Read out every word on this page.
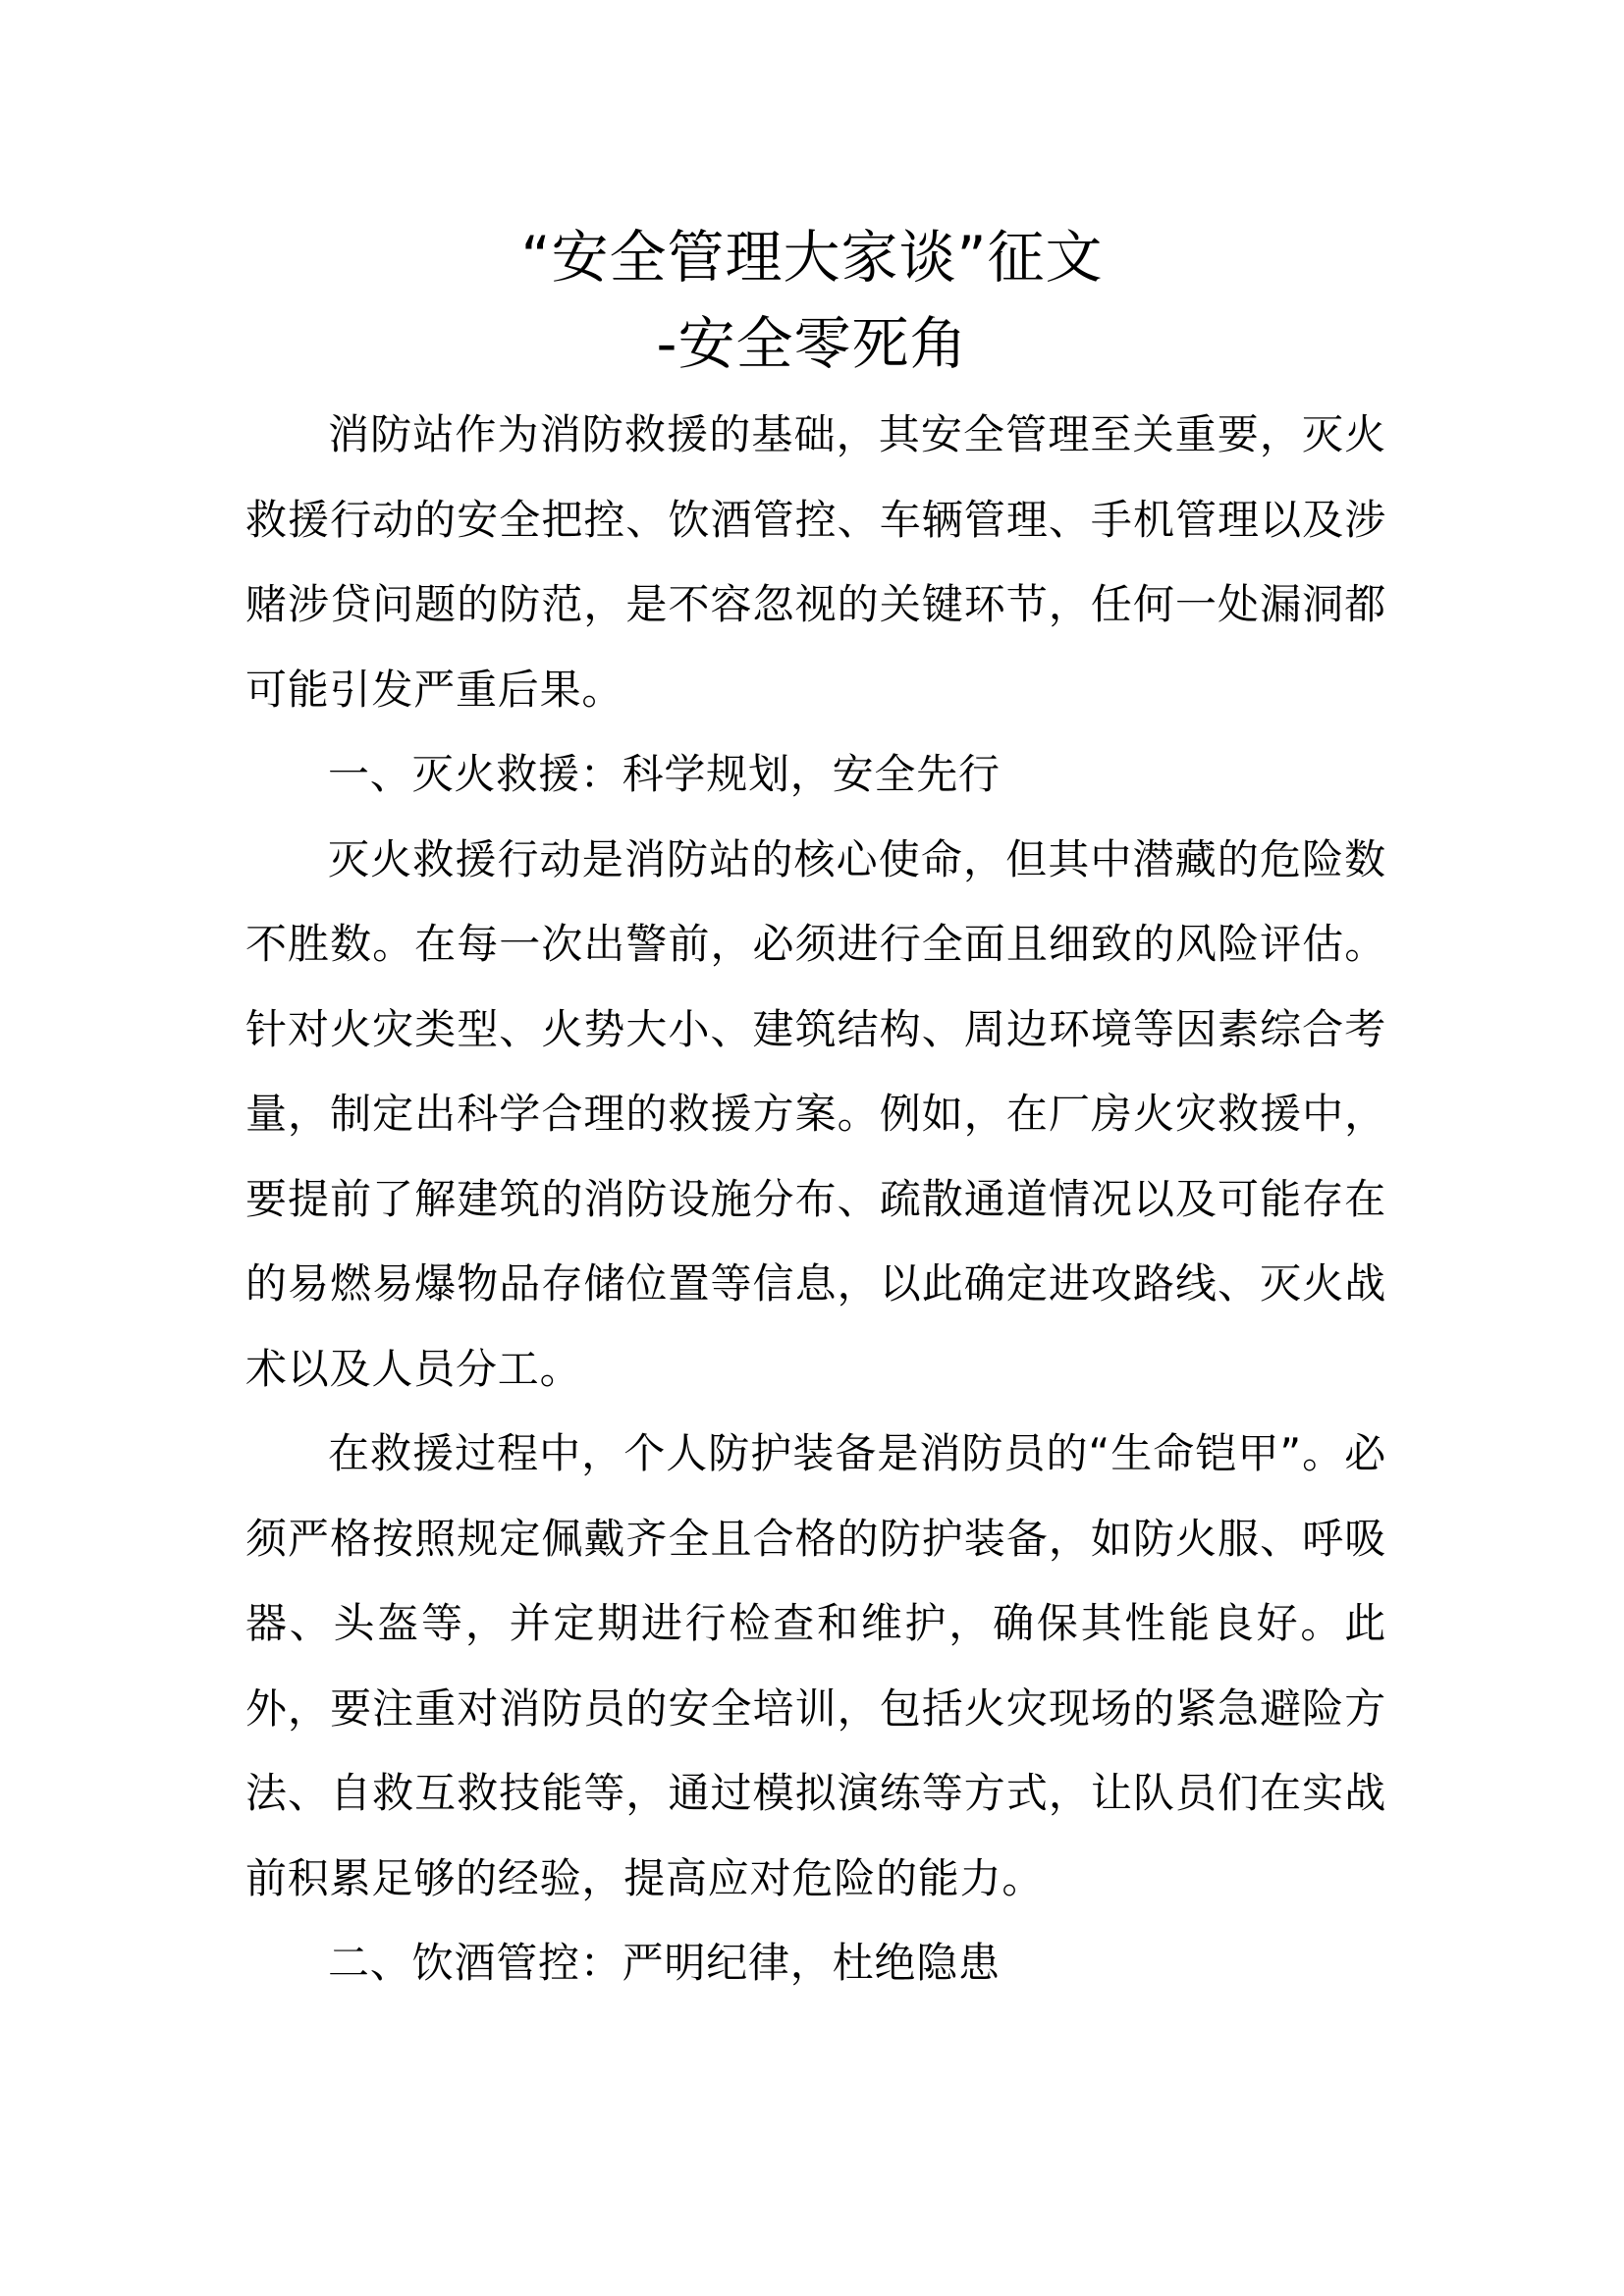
“安全管理大家谈”征文
-安全零死角

消防站作为消防救援的基础，其安全管理至关重要，灭火救援行动的安全把控、饮酒管控、车辆管理、手机管理以及涉赌涉贷问题的防范，是不容忽视的关键环节，任何一处漏洞都可能引发严重后果。

一、灭火救援：科学规划，安全先行

灭火救援行动是消防站的核心使命，但其中潜藏的危险数不胜数。在每一次出警前，必须进行全面且细致的风险评估。针对火灾类型、火势大小、建筑结构、周边环境等因素综合考量，制定出科学合理的救援方案。例如，在厂房火灾救援中，要提前了解建筑的消防设施分布、疏散通道情况以及可能存在的易燃易爆物品存储位置等信息，以此确定进攻路线、灭火战术以及人员分工。

在救援过程中，个人防护装备是消防员的“生命铠甲”。必须严格按照规定佩戴齐全且合格的防护装备，如防火服、呼吸器、头盔等，并定期进行检查和维护，确保其性能良好。此外，要注重对消防员的安全培训，包括火灾现场的紧急避险方法、自救互救技能等，通过模拟演练等方式，让队员们在实战前积累足够的经验，提高应对危险的能力。

二、饮酒管控：严明纪律，杜绝隐患
